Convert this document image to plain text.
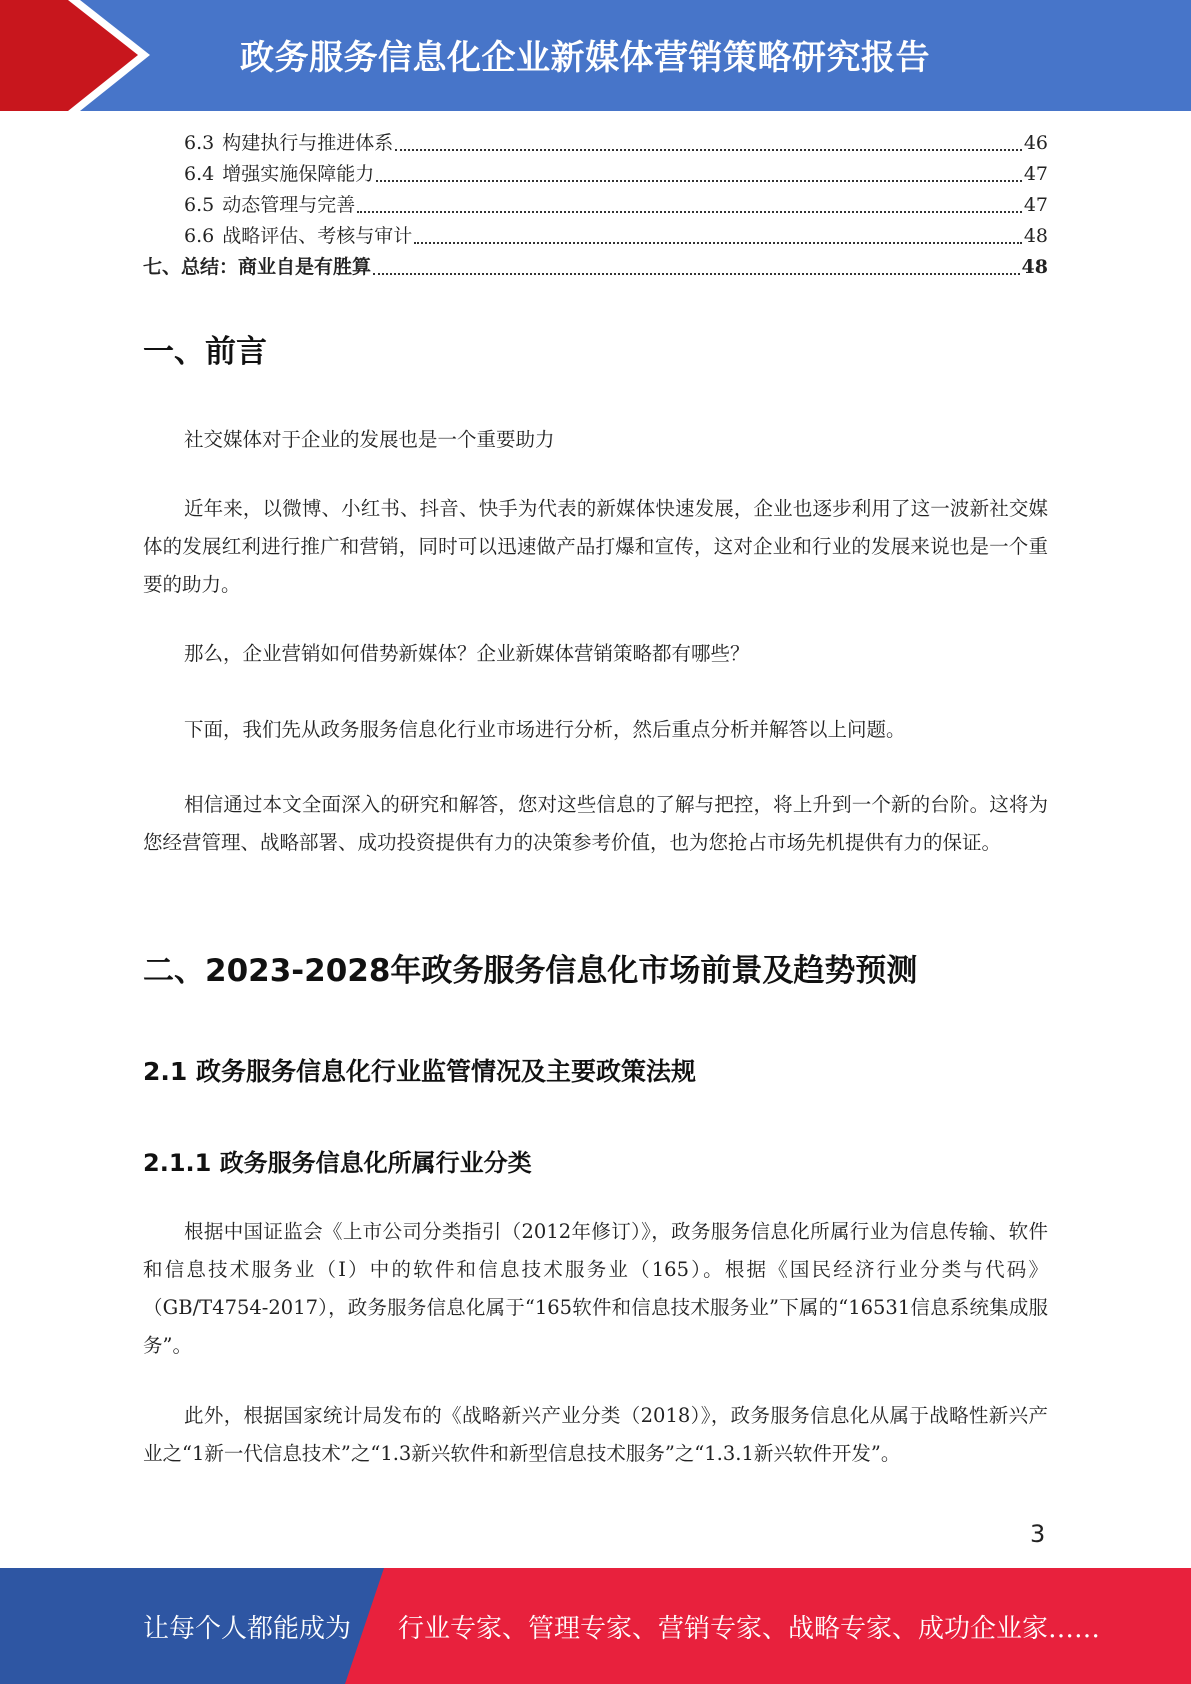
政务服务信息化企业新媒体营销策略研究报告
6.3 构建执行与推进体系	46
6.4 增强实施保障能力	47
6.5 动态管理与完善	47
6.6 战略评估、考核与审计	48
七、总结：商业自是有胜算	48
一、前言

社交媒体对于企业的发展也是一个重要助力

近年来，以微博、小红书、抖音、快手为代表的新媒体快速发展，企业也逐步利用了这一波新社交媒体的发展红利进行推广和营销，同时可以迅速做产品打爆和宣传，这对企业和行业的发展来说也是一个重要的助力。

那么，企业营销如何借势新媒体？企业新媒体营销策略都有哪些？

下面，我们先从政务服务信息化行业市场进行分析，然后重点分析并解答以上问题。

相信通过本文全面深入的研究和解答，您对这些信息的了解与把控，将上升到一个新的台阶。这将为您经营管理、战略部署、成功投资提供有力的决策参考价值，也为您抢占市场先机提供有力的保证。

二、2023-2028年政务服务信息化市场前景及趋势预测
2.1 政务服务信息化行业监管情况及主要政策法规
2.1.1 政务服务信息化所属行业分类

根据中国证监会《上市公司分类指引（2012年修订）》，政务服务信息化所属行业为信息传输、软件和信息技术服务业（I）中的软件和信息技术服务业（165）。根据《国民经济行业分类与代码》（GB/T4754-2017），政务服务信息化属于“165软件和信息技术服务业”下属的“16531信息系统集成服务”。

此外，根据国家统计局发布的《战略新兴产业分类（2018）》，政务服务信息化从属于战略性新兴产业之“1新一代信息技术”之“1.3新兴软件和新型信息技术服务”之“1.3.1新兴软件开发”。

3
让每个人都能成为 行业专家、管理专家、营销专家、战略专家、成功企业家……
